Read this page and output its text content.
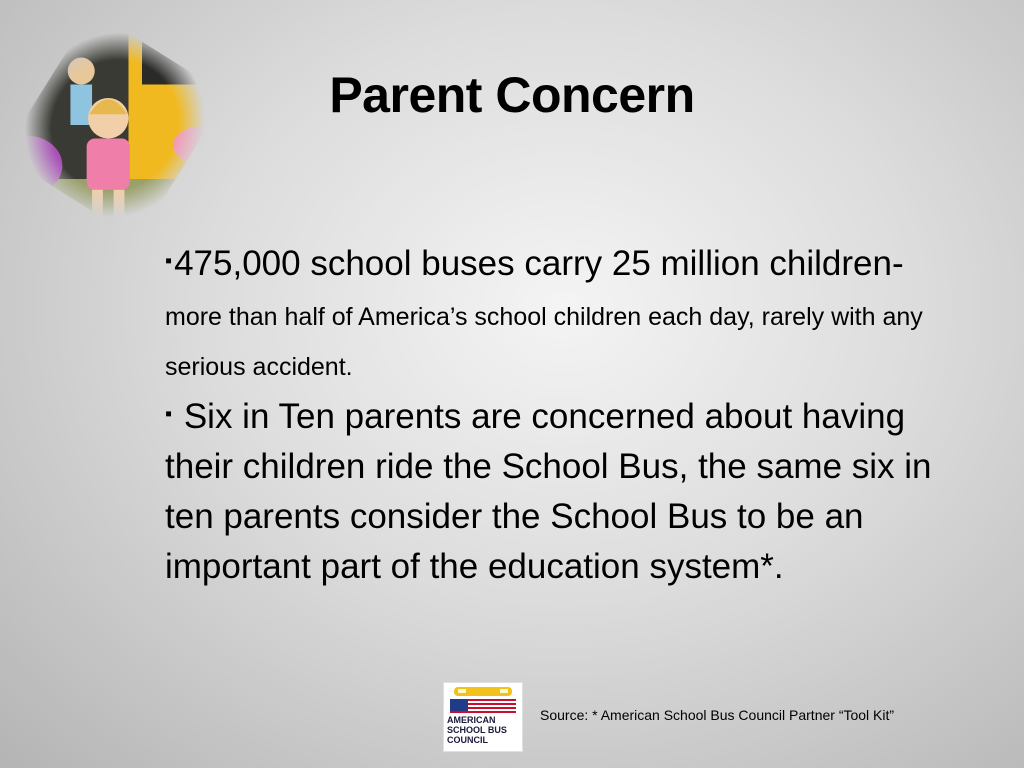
Parent Concern
▪475,000 school buses carry 25 million children- more than half of America’s school children each day, rarely with any serious accident.
▪ Six in Ten parents are concerned about having their children ride the School Bus, the same six in ten parents consider the School Bus to be an important part of the education system*.
AMERICAN
SCHOOL BUS
COUNCIL
Source: * American School Bus Council Partner “Tool Kit”
